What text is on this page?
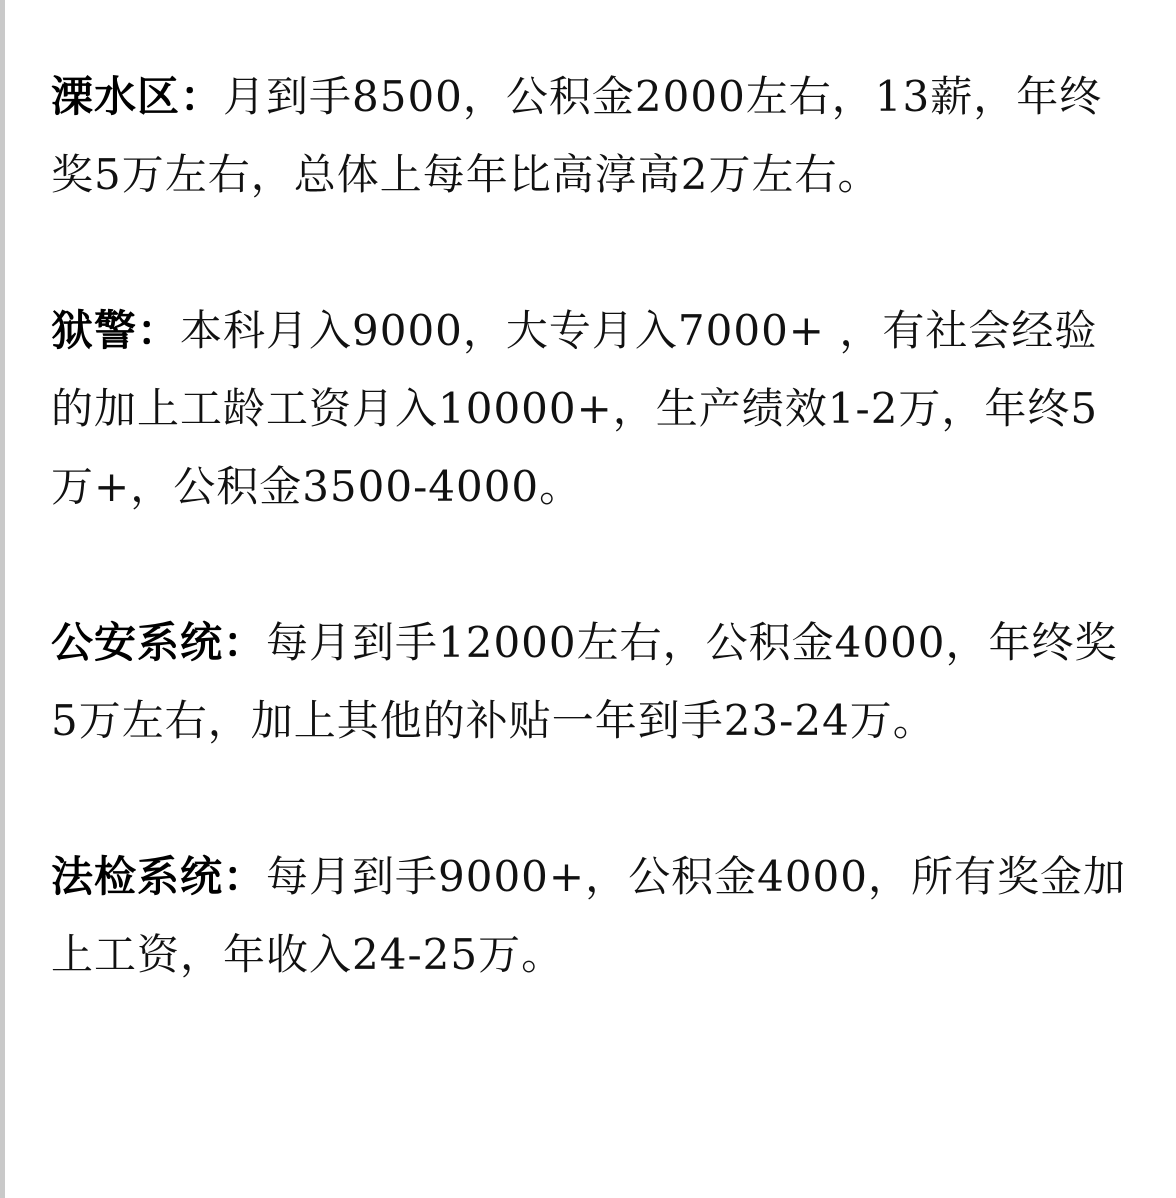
溧水区：月到手8500，公积金2000左右，13薪，年终奖5万左右，总体上每年比高淳高2万左右。

狱警：本科月入9000，大专月入7000+ ，有社会经验的加上工龄工资月入10000+，生产绩效1-2万，年终5万+，公积金3500-4000。

公安系统：每月到手12000左右，公积金4000，年终奖5万左右，加上其他的补贴一年到手23-24万。

法检系统：每月到手9000+，公积金4000，所有奖金加上工资，年收入24-25万。
